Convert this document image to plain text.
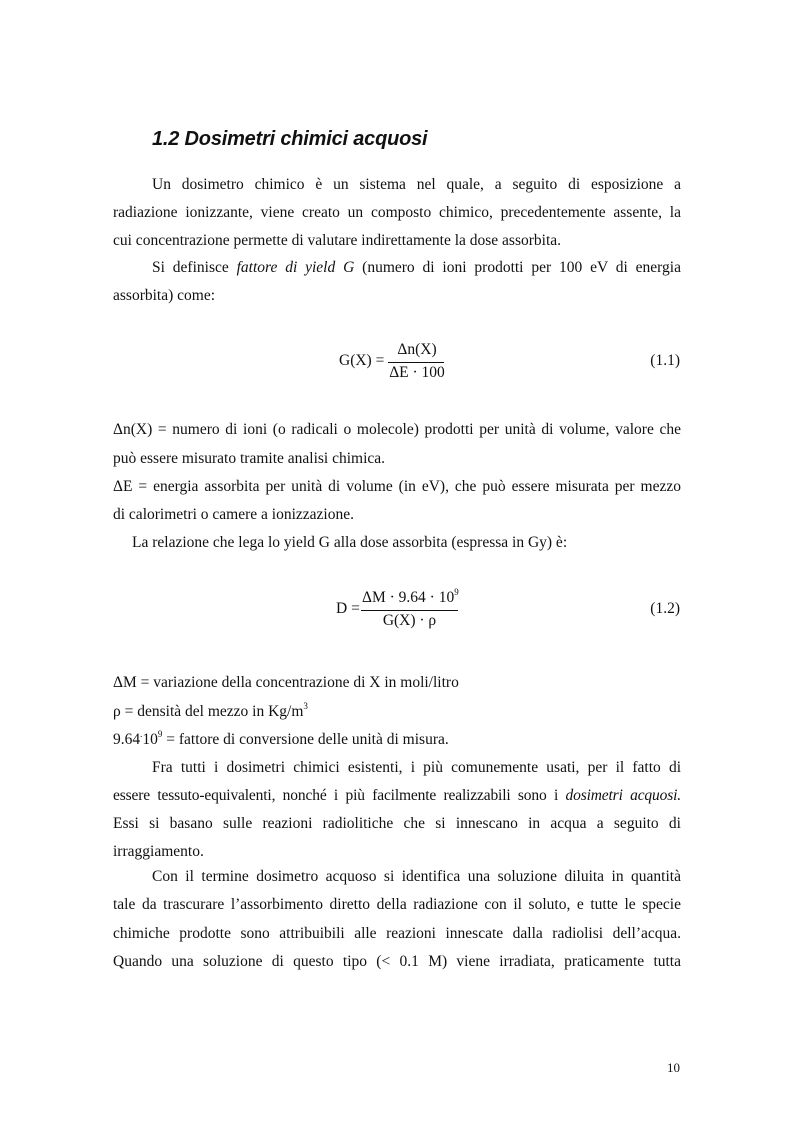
1.2 Dosimetri chimici acquosi
Un dosimetro chimico è un sistema nel quale, a seguito di esposizione a
radiazione ionizzante, viene creato un composto chimico, precedentemente assente, la
cui concentrazione permette di valutare indirettamente la dose assorbita.
Si definisce fattore di yield G (numero di ioni prodotti per 100 eV di energia
assorbita) come:
G(X) =
Δn(X)
ΔE · 100
(1.1)
Δn(X) = numero di ioni (o radicali o molecole) prodotti per unità di volume, valore che
può essere misurato tramite analisi chimica.
ΔE = energia assorbita per unità di volume (in eV), che può essere misurata per mezzo
di calorimetri o camere a ionizzazione.
La relazione che lega lo yield G alla dose assorbita (espressa in Gy) è:
D =
$\Delta M \cdot 9.64 \cdot 10^9$
G(X) · ρ
(1.2)
ΔM = variazione della concentrazione di X in moli/litro
ρ = densità del mezzo in $Kg/m^3$
$9.64^.10^9$ = fattore di conversione delle unità di misura.
Fra tutti i dosimetri chimici esistenti, i più comunemente usati, per il fatto di
essere tessuto-equivalenti, nonché i più facilmente realizzabili sono i dosimetri acquosi.
Essi si basano sulle reazioni radiolitiche che si innescano in acqua a seguito di
irraggiamento.
Con il termine dosimetro acquoso si identifica una soluzione diluita in quantità
tale da trascurare l’assorbimento diretto della radiazione con il soluto, e tutte le specie
chimiche prodotte sono attribuibili alle reazioni innescate dalla radiolisi dell’acqua.
Quando una soluzione di questo tipo (< 0.1 M) viene irradiata, praticamente tutta
10
